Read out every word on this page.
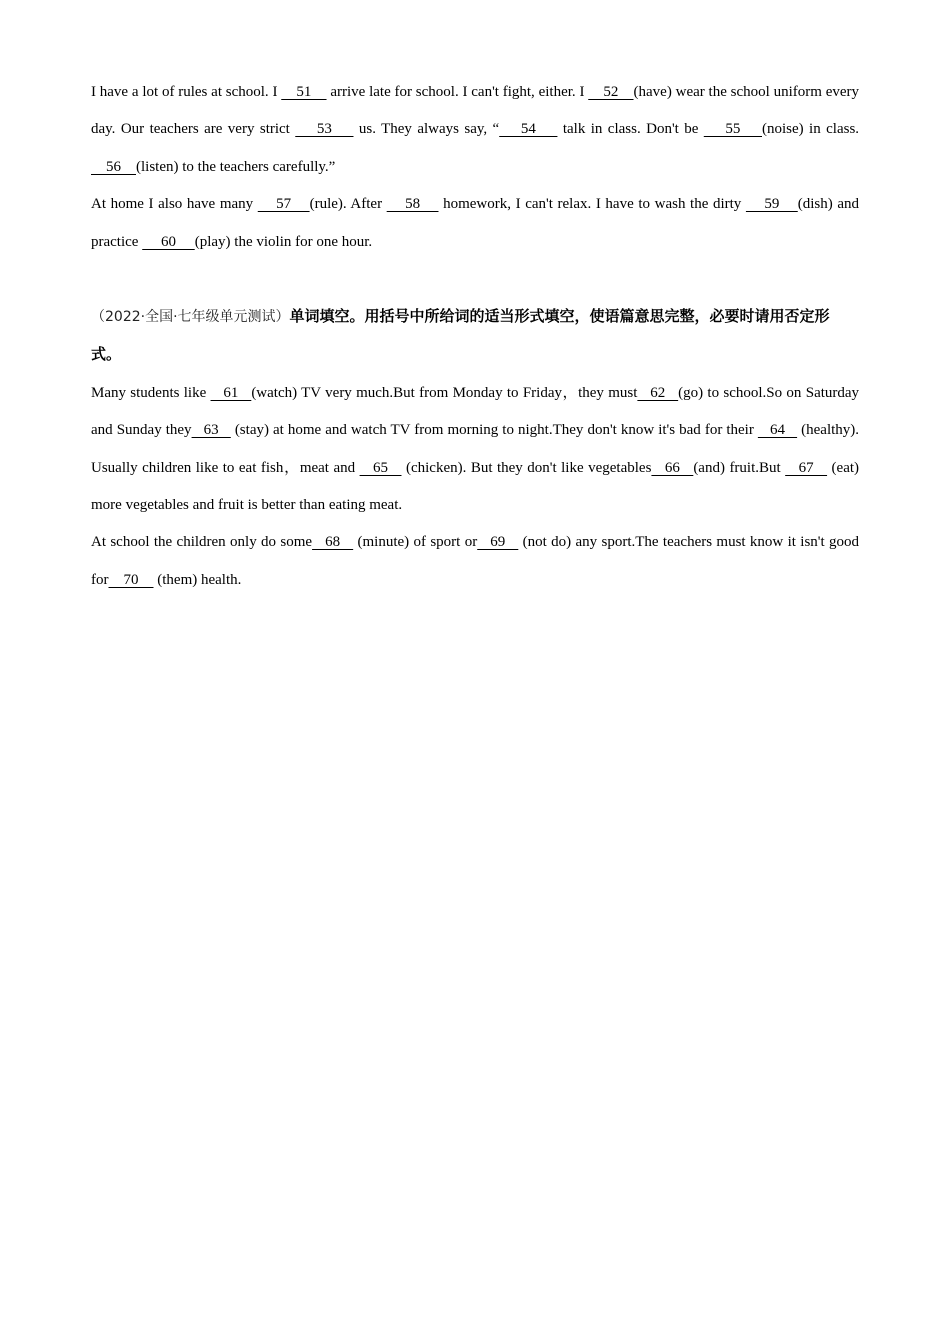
I have a lot of rules at school. I     51     arrive late for school. I can't fight, either. I     52    (have) wear the school uniform every day. Our teachers are very strict     53     us. They always say, “    54     talk in class. Don't be     55    (noise) in class.     56    (listen) to the teachers carefully.”

At home I also have many     57    (rule). After     58     homework, I can't relax. I have to wash the dirty     59    (dish) and practice      60     (play) the violin for one hour.

（2022·全国·七年级单元测试）单词填空。用括号中所给词的适当形式填空，使语篇意思完整，必要时请用否定形式。

Many students like    61   (watch) TV very much.But from Monday to Friday，they must   62   (go) to school.So on Saturday and Sunday they   63    (stay) at home and watch TV from morning to night.They don't know it's bad for their    64    (healthy). Usually children like to eat fish，meat and    65    (chicken). But they don't like vegetables   66   (and) fruit.But    67    (eat) more vegetables and fruit is better than eating meat.

At school the children only do some   68    (minute) of sport or   69    (not do) any sport.The teachers must know it isn't good for    70     (them) health.
